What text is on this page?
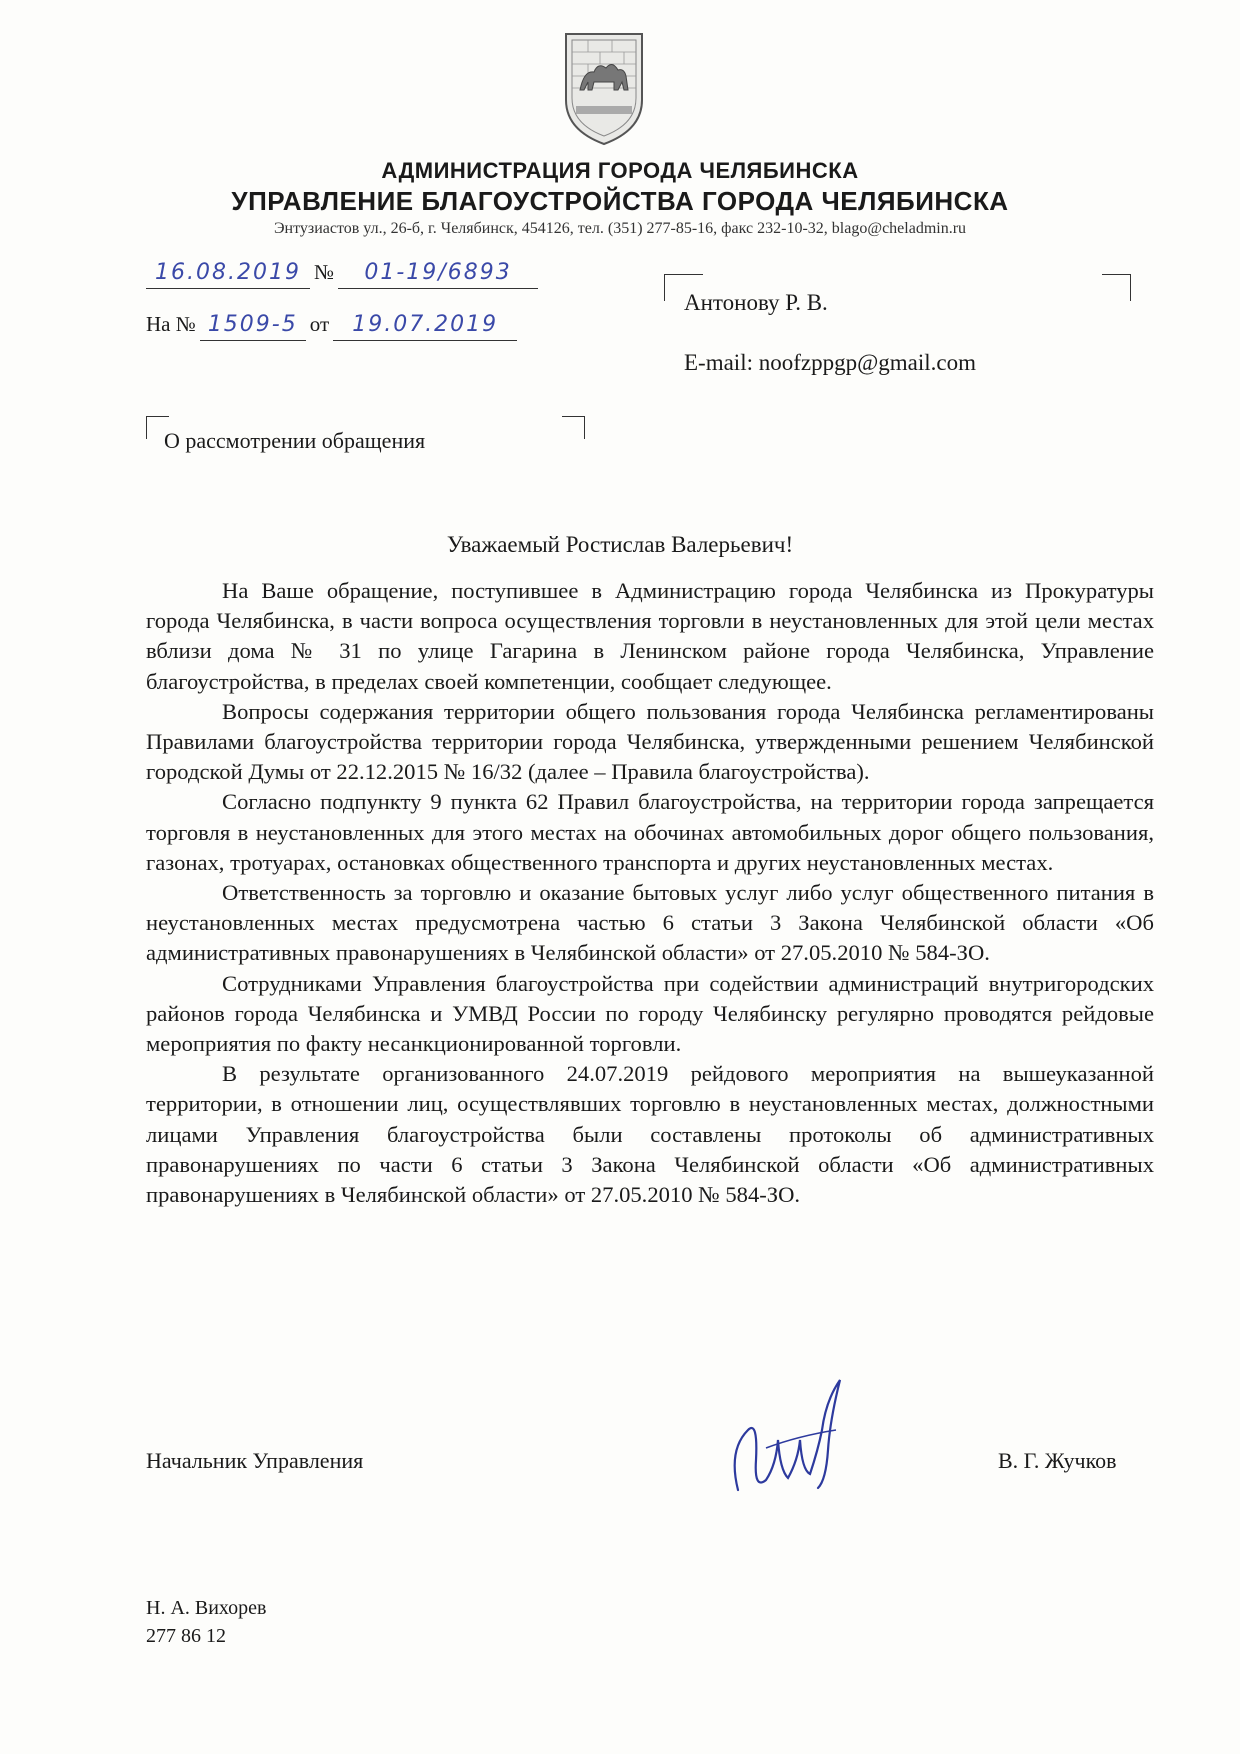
АДМИНИСТРАЦИЯ ГОРОДА ЧЕЛЯБИНСКА
УПРАВЛЕНИЕ БЛАГОУСТРОЙСТВА ГОРОДА ЧЕЛЯБИНСКА
Энтузиастов ул., 26-б, г. Челябинск, 454126, тел. (351) 277-85-16, факс 232-10-32, blago@cheladmin.ru
16.08.2019 № 01-19/6893
На № 1509-5 от 19.07.2019
Антонову Р. В.
E-mail: noofzppgp@gmail.com
О рассмотрении обращения
Уважаемый Ростислав Валерьевич!

На Ваше обращение, поступившее в Администрацию города Челябинска из Прокуратуры города Челябинска, в части вопроса осуществления торговли в неустановленных для этой цели местах вблизи дома № 31 по улице Гагарина в Ленинском районе города Челябинска, Управление благоустройства, в пределах своей компетенции, сообщает следующее.

Вопросы содержания территории общего пользования города Челябинска регламентированы Правилами благоустройства территории города Челябинска, утвержденными решением Челябинской городской Думы от 22.12.2015 № 16/32 (далее – Правила благоустройства).

Согласно подпункту 9 пункта 62 Правил благоустройства, на территории города запрещается торговля в неустановленных для этого местах на обочинах автомобильных дорог общего пользования, газонах, тротуарах, остановках общественного транспорта и других неустановленных местах.

Ответственность за торговлю и оказание бытовых услуг либо услуг общественного питания в неустановленных местах предусмотрена частью 6 статьи 3 Закона Челябинской области «Об административных правонарушениях в Челябинской области» от 27.05.2010 № 584-ЗО.

Сотрудниками Управления благоустройства при содействии администраций внутригородских районов города Челябинска и УМВД России по городу Челябинску регулярно проводятся рейдовые мероприятия по факту несанкционированной торговли.

В результате организованного 24.07.2019 рейдового мероприятия на вышеуказанной территории, в отношении лиц, осуществлявших торговлю в неустановленных местах, должностными лицами Управления благоустройства были составлены протоколы об административных правонарушениях по части 6 статьи 3 Закона Челябинской области «Об административных правонарушениях в Челябинской области» от 27.05.2010 № 584-ЗО.

Начальник Управления	В. Г. Жучков
Н. А. Вихорев
277 86 12
